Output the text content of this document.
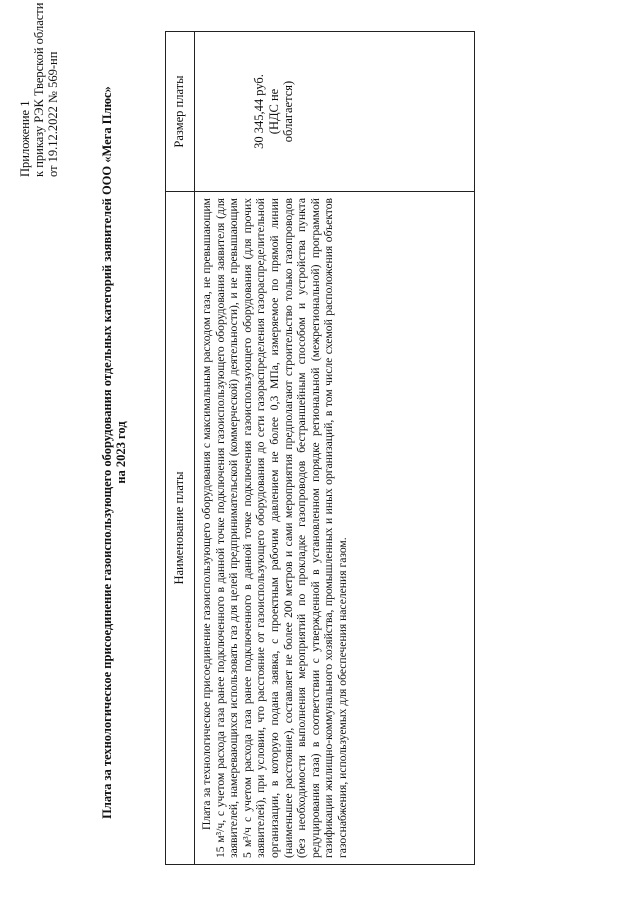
Приложение 1 к приказу РЭК Тверской области от 19.12.2022 № 569-нп	Плата за технологическое присоединение газоиспользующего оборудования отдельных категорий заявителей ООО «Мега Плюс» на 2023 год
Наименование платы
Размер платы
Плата за технологическое присоединение газоиспользующего оборудования с максимальным расходом газа, не превышающим 15 м³/ч, с учетом расхода газа ранее подключенного в данной точке подключения газоиспользующего оборудования заявителя (для заявителей, намеревающихся использовать газ для целей предпринимательской (коммерческой) деятельности), и не превышающим 5 м³/ч с учетом расхода газа ранее подключенного в данной точке подключения газоиспользующего оборудования (для прочих заявителей), при условии, что расстояние от газоиспользующего оборудования до сети газораспределения газораспределительной организации, в которую подана заявка, с проектным рабочим давлением не более 0,3 МПа, измеряемое по прямой линии (наименьшее расстояние), составляет не более 200 метров и сами мероприятия предполагают строительство только газопроводов (без необходимости выполнения мероприятий по прокладке газопроводов бестраншейным способом и устройства пункта редуцирования газа) в соответствии с утвержденной в установленном порядке региональной (межрегиональной) программой газификации жилищно-коммунального хозяйства, промышленных и иных организаций, в том числе схемой расположения объектов газоснабжения, используемых для обеспечения населения газом.
30 345,44 руб. (НДС не облагается)
